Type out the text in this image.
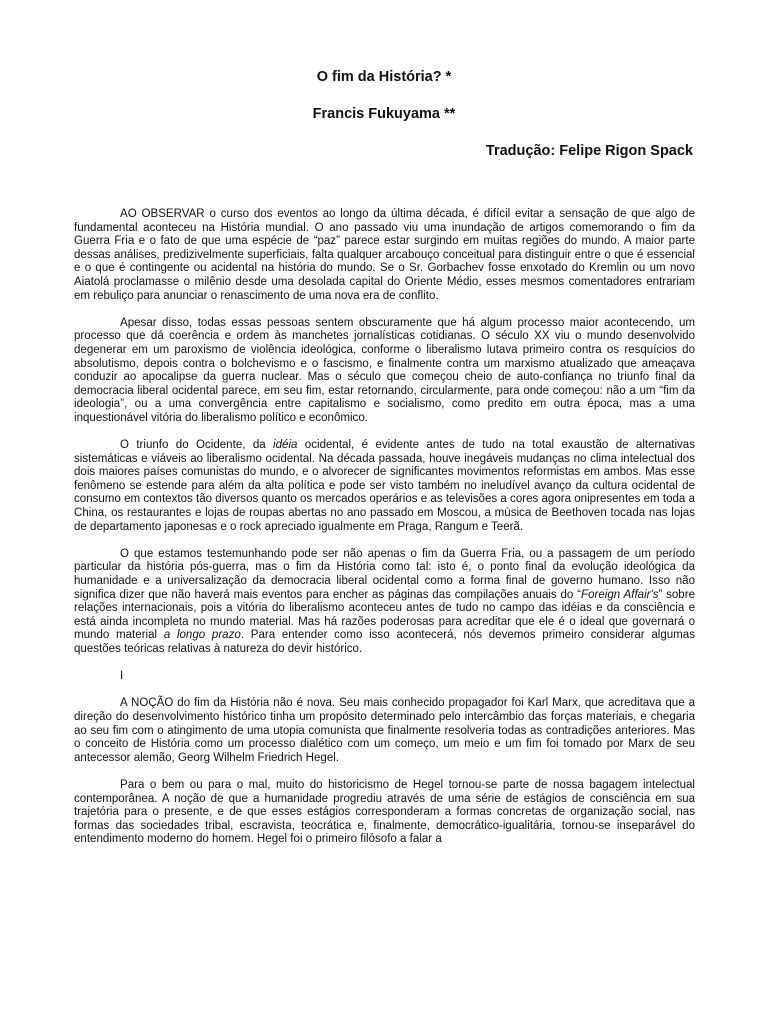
O fim da História? *

Francis Fukuyama **

Tradução: Felipe Rigon Spack

AO OBSERVAR o curso dos eventos ao longo da última década, é difícil evitar a sensação de que algo de fundamental aconteceu na História mundial. O ano passado viu uma inundação de artigos comemorando o fim da Guerra Fria e o fato de que uma espécie de “paz” parece estar surgindo em muitas regiões do mundo. A maior parte dessas análises, predizivelmente superficiais, falta qualquer arcabouço conceitual para distinguir entre o que é essencial e o que é contingente ou acidental na história do mundo. Se o Sr. Gorbachev fosse enxotado do Kremlin ou um novo Aiatolá proclamasse o milênio desde uma desolada capital do Oriente Médio, esses mesmos comentadores entrariam em rebuliço para anunciar o renascimento de uma nova era de conflito.

Apesar disso, todas essas pessoas sentem obscuramente que há algum processo maior acontecendo, um processo que dá coerência e ordem às manchetes jornalísticas cotidianas. O século XX viu o mundo desenvolvido degenerar em um paroxismo de violência ideológica, conforme o liberalismo lutava primeiro contra os resquícios do absolutismo, depois contra o bolchevismo e o fascismo, e finalmente contra um marxismo atualizado que ameaçava conduzir ao apocalipse da guerra nuclear. Mas o século que começou cheio de auto-confiança no triunfo final da democracia liberal ocidental parece, em seu fim, estar retornando, circularmente, para onde começou: não a um “fim da ideologia”, ou a uma convergência entre capitalismo e socialismo, como predito em outra época, mas a uma inquestionável vitória do liberalismo político e econômico.

O triunfo do Ocidente, da idéia ocidental, é evidente antes de tudo na total exaustão de alternativas sistemáticas e viáveis ao liberalismo ocidental. Na década passada, houve inegáveis mudanças no clima intelectual dos dois maiores países comunistas do mundo, e o alvorecer de significantes movimentos reformistas em ambos. Mas esse fenômeno se estende para além da alta política e pode ser visto também no ineludível avanço da cultura ocidental de consumo em contextos tão diversos quanto os mercados operários e as televisões a cores agora onipresentes em toda a China, os restaurantes e lojas de roupas abertas no ano passado em Moscou, a música de Beethoven tocada nas lojas de departamento japonesas e o rock apreciado igualmente em Praga, Rangum e Teerã.

O que estamos testemunhando pode ser não apenas o fim da Guerra Fria, ou a passagem de um período particular da história pós-guerra, mas o fim da História como tal: isto é, o ponto final da evolução ideológica da humanidade e a universalização da democracia liberal ocidental como a forma final de governo humano. Isso não significa dizer que não haverá mais eventos para encher as páginas das compilações anuais do “Foreign Affair's” sobre relações internacionais, pois a vitória do liberalismo aconteceu antes de tudo no campo das idéias e da consciência e está ainda incompleta no mundo material. Mas há razões poderosas para acreditar que ele é o ideal que governará o mundo material a longo prazo. Para entender como isso acontecerá, nós devemos primeiro considerar algumas questões teóricas relativas à natureza do devir histórico.

I

A NOÇÃO do fim da História não é nova. Seu mais conhecido propagador foi Karl Marx, que acreditava que a direção do desenvolvimento histórico tinha um propósito determinado pelo intercâmbio das forças materiais, e chegaria ao seu fim com o atingimento de uma utopia comunista que finalmente resolveria todas as contradições anteriores. Mas o conceito de História como um processo dialético com um começo, um meio e um fim foi tomado por Marx de seu antecessor alemão, Georg Wilhelm Friedrich Hegel.

Para o bem ou para o mal, muito do historicismo de Hegel tornou-se parte de nossa bagagem intelectual contemporânea. A noção de que a humanidade progrediu através de uma série de estágios de consciência em sua trajetória para o presente, e de que esses estágios corresponderam a formas concretas de organização social, nas formas das sociedades tribal, escravista, teocrática e, finalmente, democrático-igualitária, tornou-se inseparável do entendimento moderno do homem. Hegel foi o primeiro filósofo a falar a
